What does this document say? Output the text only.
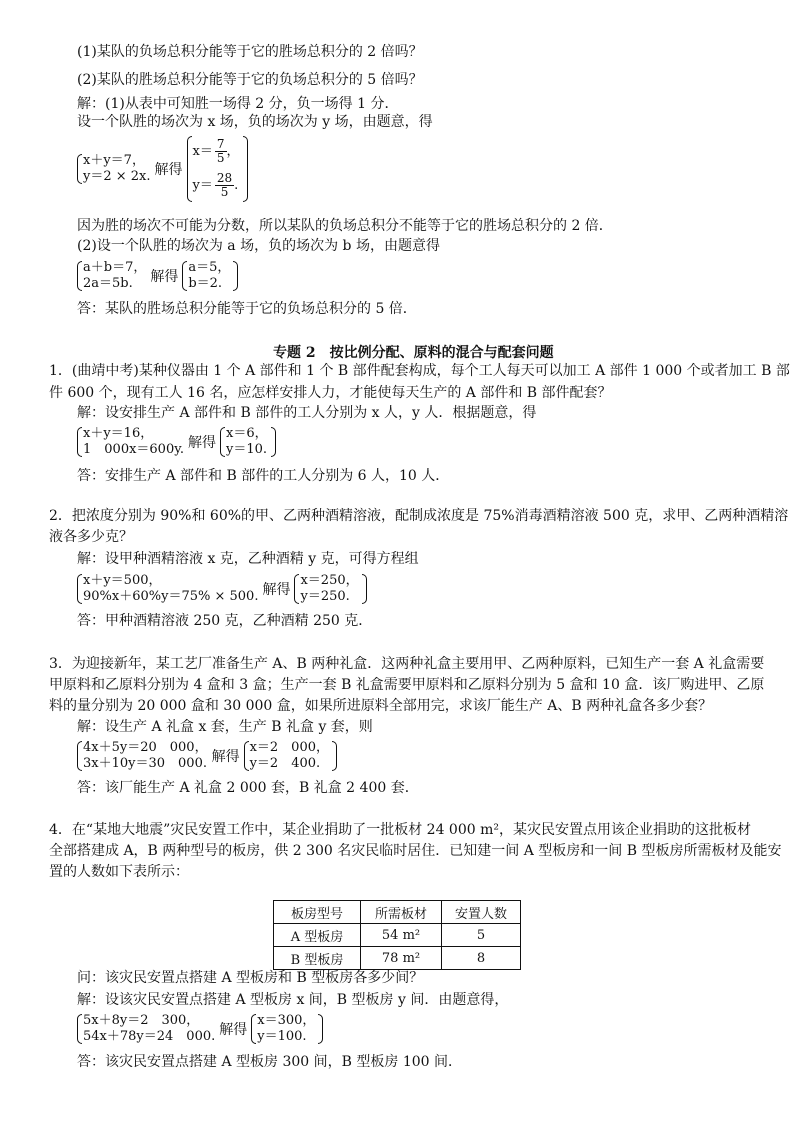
(1)某队的负场总积分能等于它的胜场总积分的 2 倍吗？
(2)某队的胜场总积分能等于它的负场总积分的 5 倍吗？
解：(1)从表中可知胜一场得 2 分，负一场得 1 分．
设一个队胜的场次为 x 场，负的场次为 y 场，由题意，得
x＋y＝7，
y＝2 × 2x. 解得
$x= \frac{7}{5}$ ，
$y= \frac{28}{5}$ .
因为胜的场次不可能为分数，所以某队的负场总积分不能等于它的胜场总积分的 2 倍．
(2)设一个队胜的场次为 a 场，负的场次为 b 场，由题意得
a＋b＝7，
2a＝5b.	解得
a＝5，
b＝2.
答：某队的胜场总积分能等于它的负场总积分的 5 倍．
专题 2　按比例分配、原料的混合与配套问题
1．(曲靖中考)某种仪器由 1 个 A 部件和 1 个 B 部件配套构成，每个工人每天可以加工 A 部件 1 000 个或者加工 B 部
件 600 个，现有工人 16 名，应怎样安排人力，才能使每天生产的 A 部件和 B 部件配套？
解：设安排生产 A 部件和 B 部件的工人分别为 x 人，y 人．根据题意，得
x＋y＝16，
1　000x＝600y. 解得
x＝6，
y＝10.
答：安排生产 A 部件和 B 部件的工人分别为 6 人，10 人．
2．把浓度分别为 90%和 60%的甲、乙两种酒精溶液，配制成浓度是 75%消毒酒精溶液 500 克，求甲、乙两种酒精溶
液各多少克？
解：设甲种酒精溶液 x 克，乙种酒精 y 克，可得方程组
x＋y＝500，
90%x＋60%y＝75% × 500. 解得
x＝250，
y＝250.
答：甲种酒精溶液 250 克，乙种酒精 250 克．
3．为迎接新年，某工艺厂准备生产 A、B 两种礼盒．这两种礼盒主要用甲、乙两种原料，已知生产一套 A 礼盒需要
甲原料和乙原料分别为 4 盒和 3 盒；生产一套 B 礼盒需要甲原料和乙原料分别为 5 盒和 10 盒．该厂购进甲、乙原
料的量分别为 20 000 盒和 30 000 盒，如果所进原料全部用完，求该厂能生产 A、B 两种礼盒各多少套？
解：设生产 A 礼盒 x 套，生产 B 礼盒 y 套，则
4x＋5y＝20　000，
3x＋10y＝30　000. 解得
x＝2　000，
y＝2　400.
答：该厂能生产 A 礼盒 2 000 套，B 礼盒 2 400 套．
4．在“某地大地震”灾民安置工作中，某企业捐助了一批板材 24 000 m²，某灾民安置点用该企业捐助的这批板材
全部搭建成 A，B 两种型号的板房，供 2 300 名灾民临时居住．已知建一间 A 型板房和一间 B 型板房所需板材及能安
置的人数如下表所示：
板房型号	所需板材	安置人数
A 型板房	54 m²	5
B 型板房	78 m²	8
问：该灾民安置点搭建 A 型板房和 B 型板房各多少间？
解：设该灾民安置点搭建 A 型板房 x 间，B 型板房 y 间．由题意得，
5x＋8y＝2　300，
54x＋78y＝24　000. 解得
x＝300，
y＝100.
答：该灾民安置点搭建 A 型板房 300 间，B 型板房 100 间．
